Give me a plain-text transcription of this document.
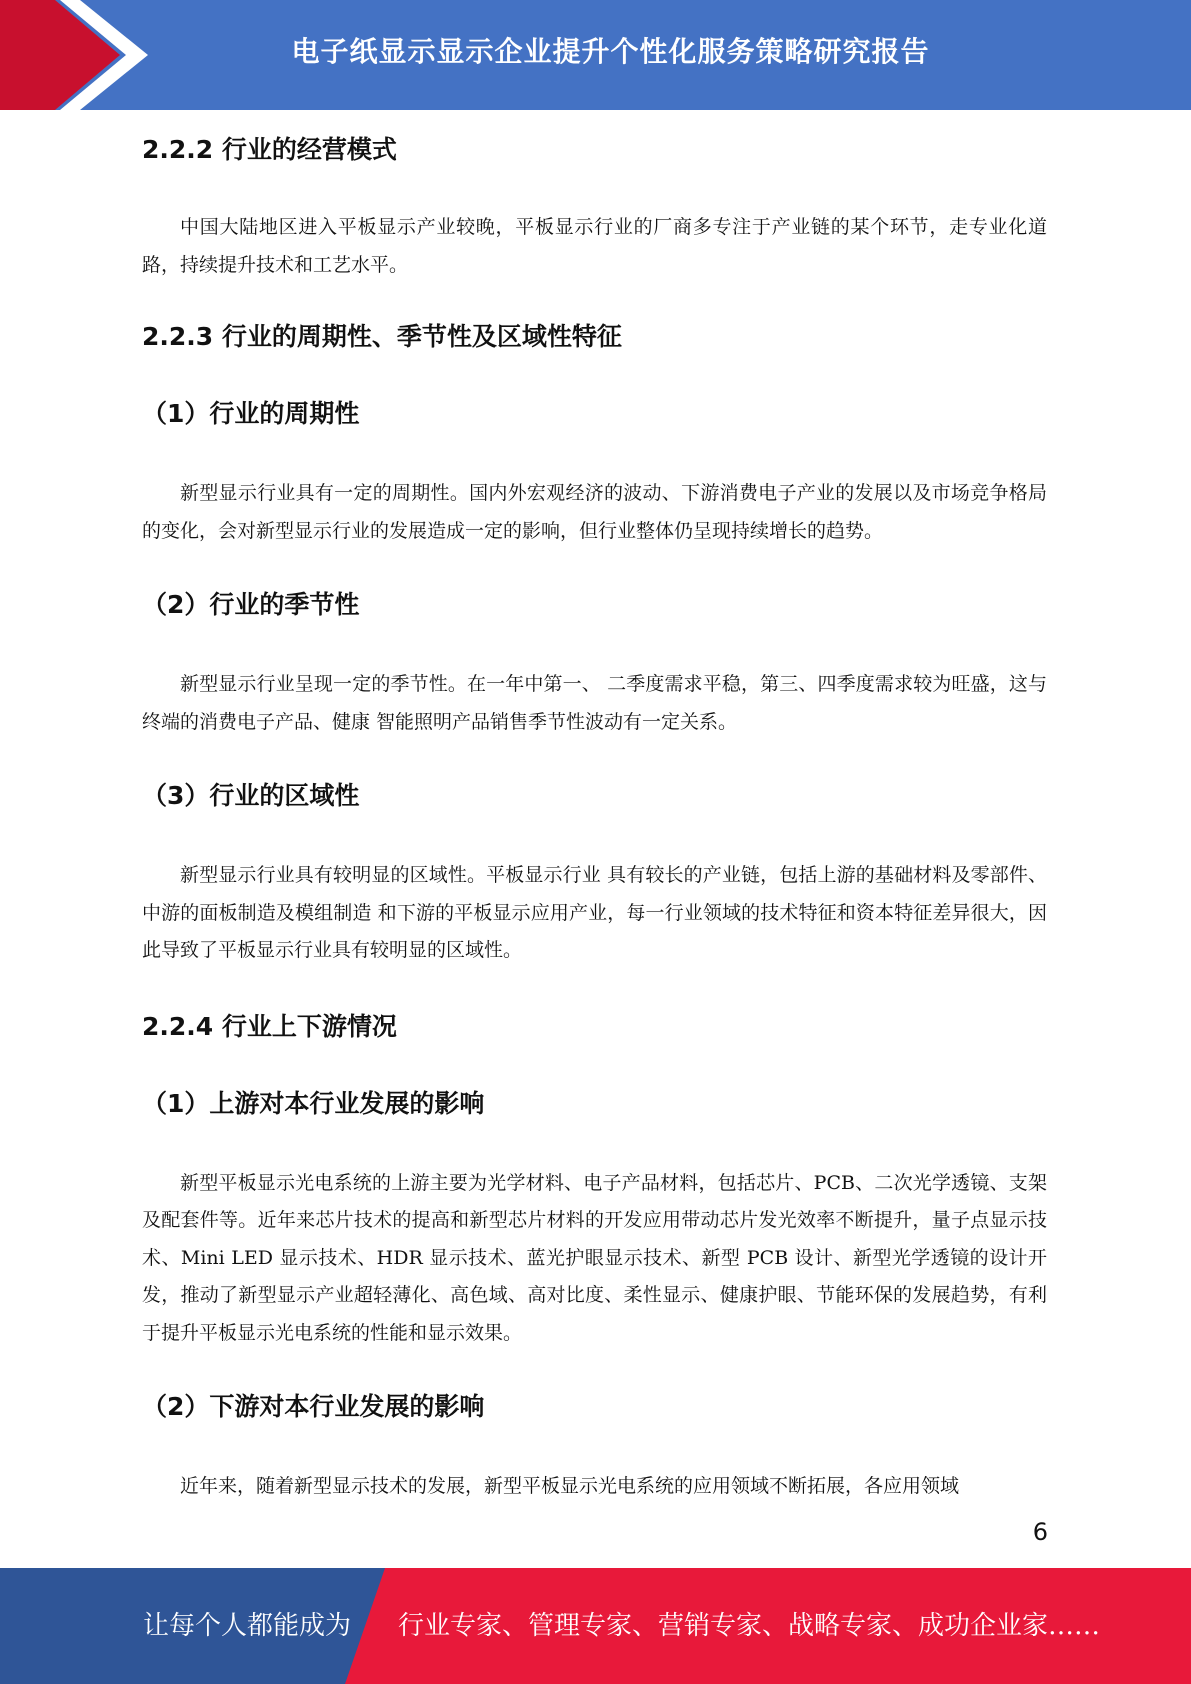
电子纸显示显示企业提升个性化服务策略研究报告
2.2.2 行业的经营模式

中国大陆地区进入平板显示产业较晚，平板显示行业的厂商多专注于产业链的某个环节，走专业化道路，持续提升技术和工艺水平。

2.2.3 行业的周期性、季节性及区域性特征
（1）行业的周期性

新型显示行业具有一定的周期性。国内外宏观经济的波动、下游消费电子产业的发展以及市场竞争格局的变化，会对新型显示行业的发展造成一定的影响，但行业整体仍呈现持续增长的趋势。

（2）行业的季节性

新型显示行业呈现一定的季节性。在一年中第一、 二季度需求平稳，第三、四季度需求较为旺盛，这与终端的消费电子产品、健康 智能照明产品销售季节性波动有一定关系。

（3）行业的区域性

新型显示行业具有较明显的区域性。平板显示行业 具有较长的产业链，包括上游的基础材料及零部件、中游的面板制造及模组制造 和下游的平板显示应用产业，每一行业领域的技术特征和资本特征差异很大，因 此导致了平板显示行业具有较明显的区域性。

2.2.4 行业上下游情况
（1）上游对本行业发展的影响

新型平板显示光电系统的上游主要为光学材料、电子产品材料，包括芯片、PCB、二次光学透镜、支架及配套件等。近年来芯片技术的提高和新型芯片材料的开发应用带动芯片发光效率不断提升，量子点显示技术、Mini LED 显示技术、HDR 显示技术、蓝光护眼显示技术、新型 PCB 设计、新型光学透镜的设计开发，推动了新型显示产业超轻薄化、高色域、高对比度、柔性显示、健康护眼、节能环保的发展趋势，有利于提升平板显示光电系统的性能和显示效果。

（2）下游对本行业发展的影响

近年来，随着新型显示技术的发展，新型平板显示光电系统的应用领域不断拓展，各应用领域

6
让每个人都能成为 行业专家、管理专家、营销专家、战略专家、成功企业家……
